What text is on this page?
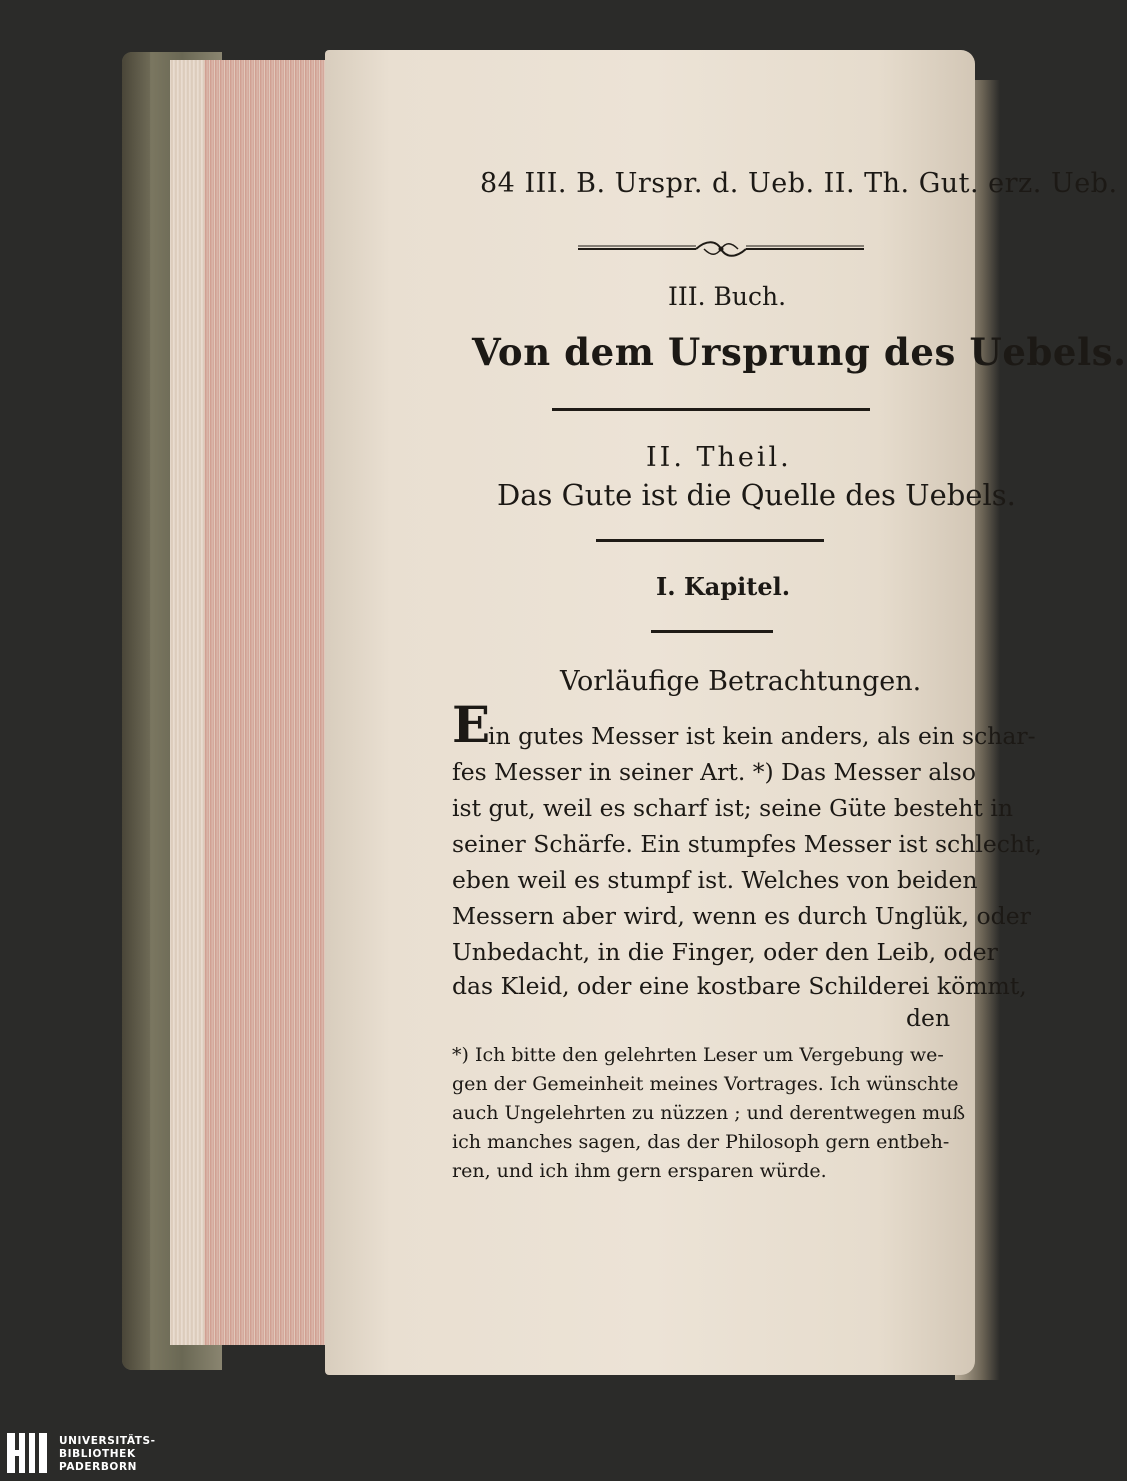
84 III. B. Urspr. d. Ueb. II. Th. Gut. erz. Ueb.

III. Buch.

Von dem Ursprung des Uebels.

II. Theil.

Das Gute ist die Quelle des Uebels.

I. Kapitel.

Vorläufige Betrachtungen.

E

in gutes Messer ist kein anders, als ein schar-

fes Messer in seiner Art. *) Das Messer also

ist gut, weil es scharf ist; seine Güte besteht in

seiner Schärfe. Ein stumpfes Messer ist schlecht,

eben weil es stumpf ist. Welches von beiden

Messern aber wird, wenn es durch Unglük, oder

Unbedacht, in die Finger, oder den Leib, oder

das Kleid, oder eine kostbare Schilderei kömmt,

den

*) Ich bitte den gelehrten Leser um Vergebung we-

gen der Gemeinheit meines Vortrages. Ich wünschte

auch Ungelehrten zu nüzzen ; und derentwegen muß

ich manches sagen, das der Philosoph gern entbeh-

ren, und ich ihm gern ersparen würde.

UNIVERSITÄTS-
BIBLIOTHEK
PADERBORN
